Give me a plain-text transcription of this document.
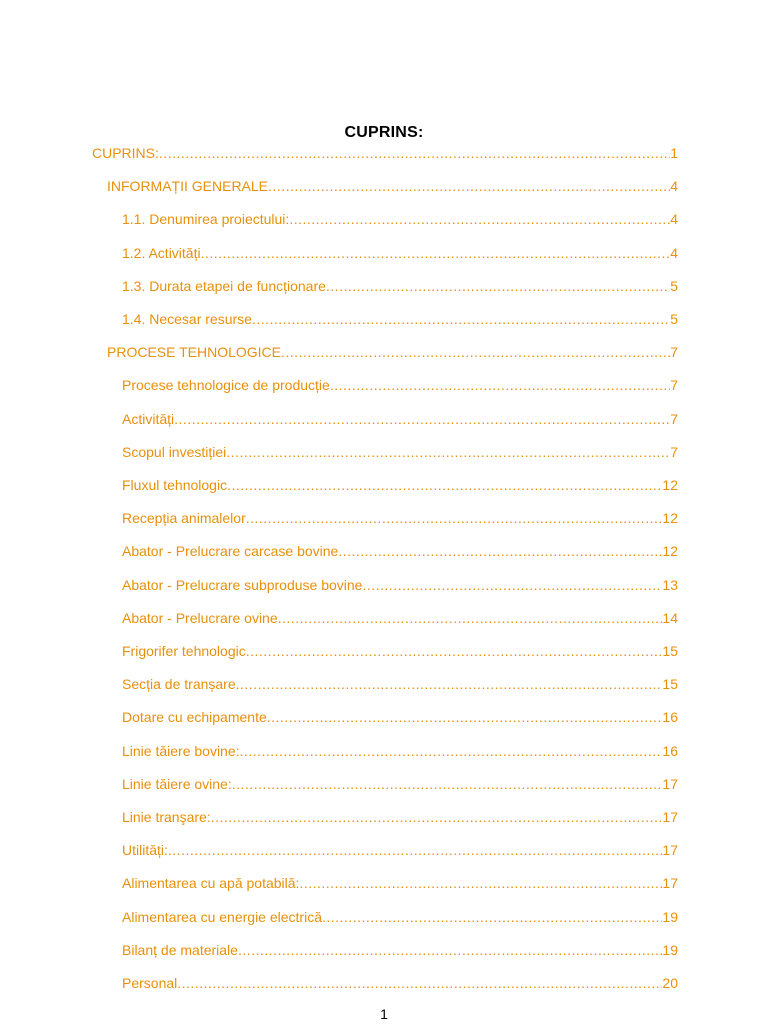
CUPRINS:
CUPRINS: .....	1
INFORMAȚII GENERALE .....	4
1.1. Denumirea proiectului: .....	4
1.2. Activități .....	4
1.3. Durata etapei de funcționare .....	5
1.4. Necesar resurse .....	5
PROCESE TEHNOLOGICE .....	7
Procese tehnologice de producție .....	7
Activități .....	7
Scopul investiției .....	7
Fluxul tehnologic .....	12
Recepția animalelor .....	12
Abator - Prelucrare carcase bovine .....	12
Abator - Prelucrare subproduse bovine .....	13
Abator - Prelucrare ovine .....	14
Frigorifer tehnologic .....	15
Secția de tranșare .....	15
Dotare cu echipamente .....	16
Linie tăiere bovine: .....	16
Linie tăiere ovine: .....	17
Linie tranşare: .....	17
Utilități: .....	17
Alimentarea cu apă potabilă: .....	17
Alimentarea cu energie electrică .....	19
Bilanț de materiale .....	19
Personal .....	20
1
